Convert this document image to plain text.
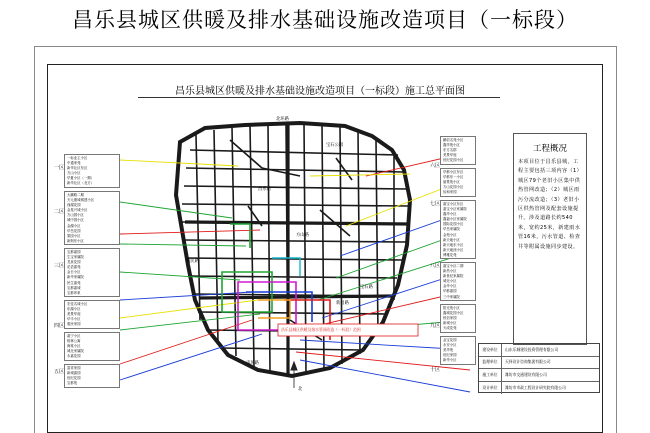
昌乐县城区供暖及排水基础设施改造项目（一标段）
昌乐县城区供暖及排水基础设施改造项目（一标段）施工总平面图
北环路
利民路
方山路
南环路
宝石路
新昌路
宝石公园
昌乐站
北
昌乐县城区供暖及排水管网改造（一标段）范围
一区
二区
三区
四区
五区
六区
七区
八区
九区
十区
一标业主小区
中通家苑
新华社区东区
方山小区
华夏小区（一期）
新华社区（北方）
大鹏路二期
天元康城城建小区
西湖花园
金星兴城小区
方山园小区
城中园小区
金湖小区
华岳花园
果园小区
新街东小区
宝都嘉园
生宝家属院
龙泉花园
花语嘉苑
金日小区
新华家属院
民生嘉苑
宝都嘉城
宝都印象
宏佳名城小区
东湖小区
美景华庭
华丰小区
惠民家园
嘉宁小区
格林公寓
海棠小区
城北家属院
永嘉花园
富祥家园
新城嘉园
世纪花园
宝都苑
鹏信名苑小区
鑫华苑小区
东方名郡
美景华庭
世纪花园小区
华都小区东区
华都东一小区
丽景苑小区
方山花园小区
怡和家园
嘉宝小区东区
嘉宝小区家属院
鑫华小区
鑫福小区家属院
国际花园小区
华岳家属院
金苑小区
新天地小区
新天地东小区
新天地西小区
博雅花苑
嘉宝小区二期
新昌小区
新世纪家属院
城北小区
金华小区
华都嘉园
三中家属院
阳光苑小区
鑫城花园小区
恒信家园
新城小区
天成花苑
金宝花园
永安小区
美华苑
世纪家园
新华小区
工程概况
本项目位于昌乐县城，工程主要包括三项内容（1）城区79个老旧小区集中供热管网改造；（2）城区雨污分流改造；（3）老旧小区供热管网及配套设施提升。涉及道路长约540米，宽约25米，新建雨水管16米，污水管道、检查井等附属设施同步建设。
建设单位	山东乐城建设投资管理有限公司
监理单位	天择设计咨询集团有限公司
施工单位	潍坊市交通建设有限公司
设计单位	潍坊市市政工程设计研究院有限公司
